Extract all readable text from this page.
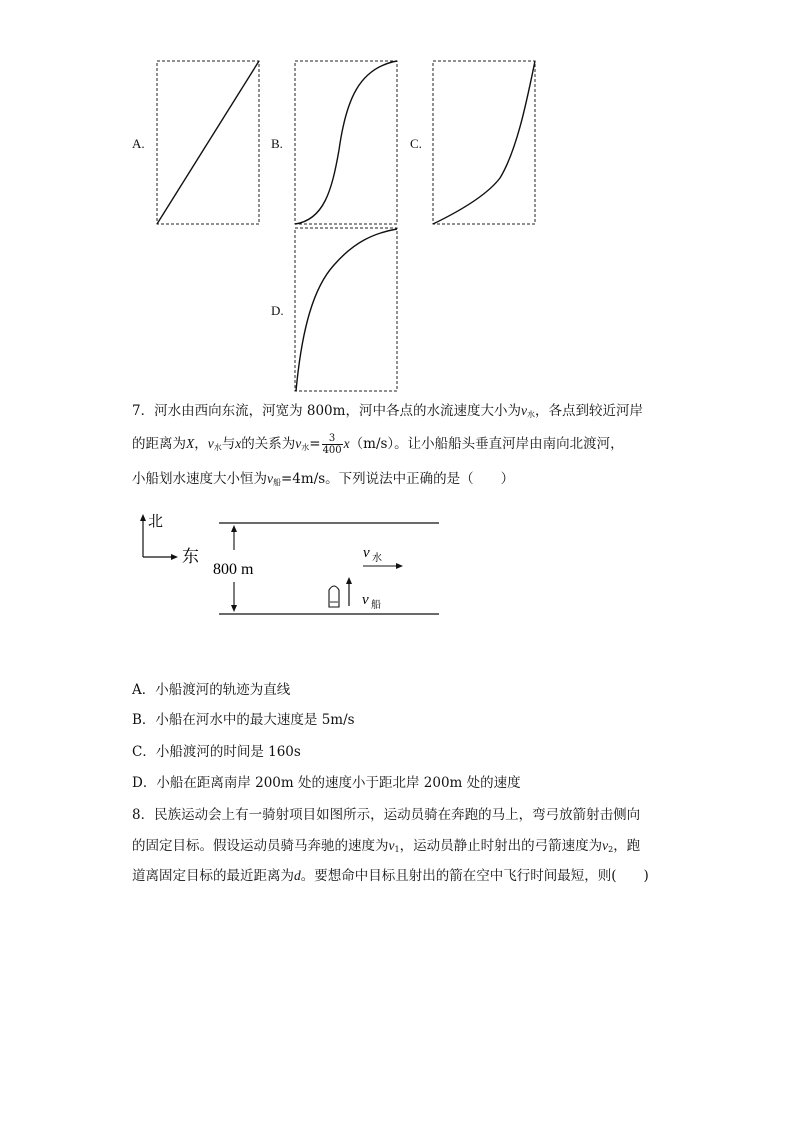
A.	B.	C.
D.
7．河水由西向东流，河宽为 800m，河中各点的水流速度大小为$v_水$，各点到较近河岸
的距离为X，$v_水$与x的关系为$v_水= \frac{3}{400} x(m/s)$。让小船船头垂直河岸由南向北渡河，
小船划水速度大小恒为$v_船=4m/s$。下列说法中正确的是（　　）
北
东
800 m
v 水
v 船
A．小船渡河的轨迹为直线
B．小船在河水中的最大速度是 5m/s
C．小船渡河的时间是 160s
D．小船在距离南岸 200m 处的速度小于距北岸 200m 处的速度
8．民族运动会上有一骑射项目如图所示，运动员骑在奔跑的马上，弯弓放箭射击侧向
的固定目标。假设运动员骑马奔驰的速度为$v_1$，运动员静止时射出的弓箭速度为$v_2$，跑
道离固定目标的最近距离为d。要想命中目标且射出的箭在空中飞行时间最短，则(　　)
